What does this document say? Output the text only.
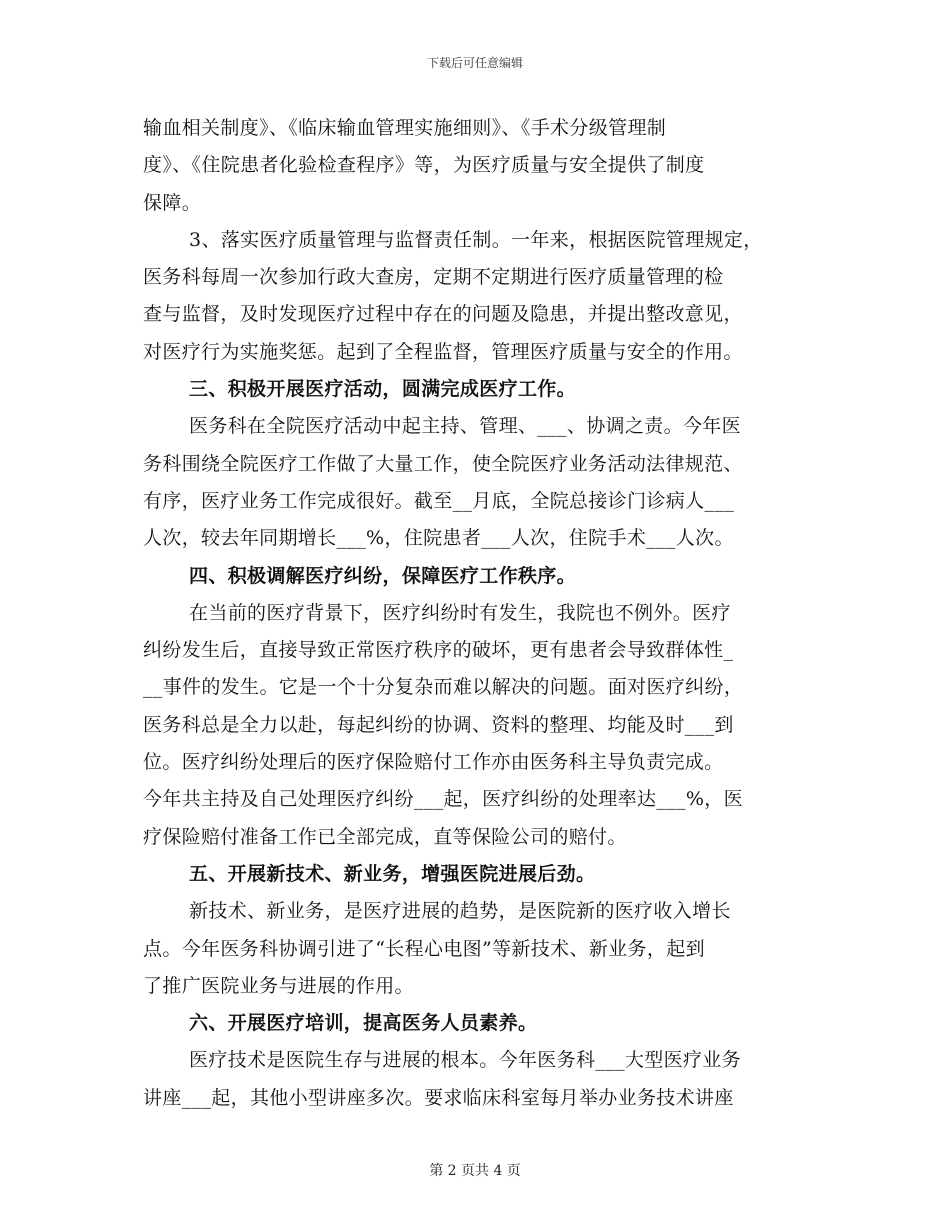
下载后可任意编辑
输血相关制度》、《临床输血管理实施细则》、《手术分级管理制
度》、《住院患者化验检查程序》等，为医疗质量与安全提供了制度
保障。
3、落实医疗质量管理与监督责任制。一年来，根据医院管理规定，
医务科每周一次参加行政大查房，定期不定期进行医疗质量管理的检
查与监督，及时发现医疗过程中存在的问题及隐患，并提出整改意见，
对医疗行为实施奖惩。起到了全程监督，管理医疗质量与安全的作用。
三、积极开展医疗活动，圆满完成医疗工作。
医务科在全院医疗活动中起主持、管理、___、协调之责。今年医
务科围绕全院医疗工作做了大量工作，使全院医疗业务活动法律规范、
有序，医疗业务工作完成很好。截至__月底，全院总接诊门诊病人___
人次，较去年同期增长___%，住院患者___人次，住院手术___人次。
四、积极调解医疗纠纷，保障医疗工作秩序。
在当前的医疗背景下，医疗纠纷时有发生，我院也不例外。医疗
纠纷发生后，直接导致正常医疗秩序的破坏，更有患者会导致群体性_
__事件的发生。它是一个十分复杂而难以解决的问题。面对医疗纠纷，
医务科总是全力以赴，每起纠纷的协调、资料的整理、均能及时___到
位。医疗纠纷处理后的医疗保险赔付工作亦由医务科主导负责完成。
今年共主持及自己处理医疗纠纷___起，医疗纠纷的处理率达___%，医
疗保险赔付准备工作已全部完成，直等保险公司的赔付。
五、开展新技术、新业务，增强医院进展后劲。
新技术、新业务，是医疗进展的趋势，是医院新的医疗收入增长
点。今年医务科协调引进了“长程心电图”等新技术、新业务，起到
了推广医院业务与进展的作用。
六、开展医疗培训，提高医务人员素养。
医疗技术是医院生存与进展的根本。今年医务科___大型医疗业务
讲座___起，其他小型讲座多次。要求临床科室每月举办业务技术讲座
第 2 页共 4 页
